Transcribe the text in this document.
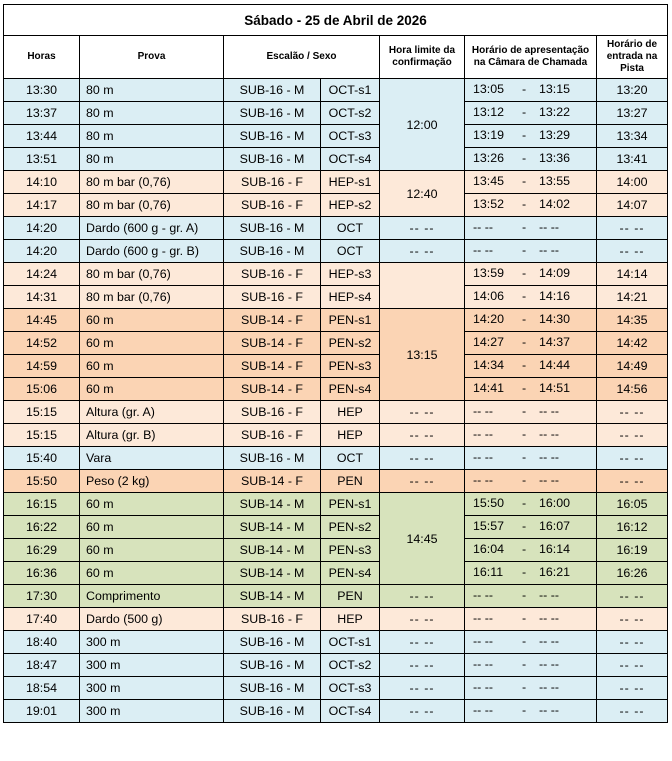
Sábado - 25 de Abril de 2026						
Horas	Prova	Escalão / Sexo		Hora limite da confirmação	Horário de apresentação na Câmara de Chamada	Horário de entrada na Pista
13:30	80 m	SUB-16 - M	OCT-s1	12:00	13:05 - 13:15	13:20
13:37	80 m	SUB-16 - M	OCT-s2		13:12 - 13:22	13:27
13:44	80 m	SUB-16 - M	OCT-s3		13:19 - 13:29	13:34
13:51	80 m	SUB-16 - M	OCT-s4		13:26 - 13:36	13:41
14:10	80 m bar (0,76)	SUB-16 - F	HEP-s1	12:40	13:45 - 13:55	14:00
14:17	80 m bar (0,76)	SUB-16 - F	HEP-s2		13:52 - 14:02	14:07
14:20	Dardo (600 g - gr. A)	SUB-16 - M	OCT	-- --	-- -- - -- --	-- --
14:20	Dardo (600 g - gr. B)	SUB-16 - M	OCT	-- --	-- -- - -- --	-- --
14:24	80 m bar (0,76)	SUB-16 - F	HEP-s3		13:59 - 14:09	14:14
14:31	80 m bar (0,76)	SUB-16 - F	HEP-s4		14:06 - 14:16	14:21
14:45	60 m	SUB-14 - F	PEN-s1	13:15	14:20 - 14:30	14:35
14:52	60 m	SUB-14 - F	PEN-s2		14:27 - 14:37	14:42
14:59	60 m	SUB-14 - F	PEN-s3		14:34 - 14:44	14:49
15:06	60 m	SUB-14 - F	PEN-s4		14:41 - 14:51	14:56
15:15	Altura (gr. A)	SUB-16 - F	HEP	-- --	-- -- - -- --	-- --
15:15	Altura (gr. B)	SUB-16 - F	HEP	-- --	-- -- - -- --	-- --
15:40	Vara	SUB-16 - M	OCT	-- --	-- -- - -- --	-- --
15:50	Peso (2 kg)	SUB-14 - F	PEN	-- --	-- -- - -- --	-- --
16:15	60 m	SUB-14 - M	PEN-s1	14:45	15:50 - 16:00	16:05
16:22	60 m	SUB-14 - M	PEN-s2		15:57 - 16:07	16:12
16:29	60 m	SUB-14 - M	PEN-s3		16:04 - 16:14	16:19
16:36	60 m	SUB-14 - M	PEN-s4		16:11 - 16:21	16:26
17:30	Comprimento	SUB-14 - M	PEN	-- --	-- -- - -- --	-- --
17:40	Dardo (500 g)	SUB-16 - F	HEP	-- --	-- -- - -- --	-- --
18:40	300 m	SUB-16 - M	OCT-s1	-- --	-- -- - -- --	-- --
18:47	300 m	SUB-16 - M	OCT-s2	-- --	-- -- - -- --	-- --
18:54	300 m	SUB-16 - M	OCT-s3	-- --	-- -- - -- --	-- --
19:01	300 m	SUB-16 - M	OCT-s4	-- --	-- -- - -- --	-- --
